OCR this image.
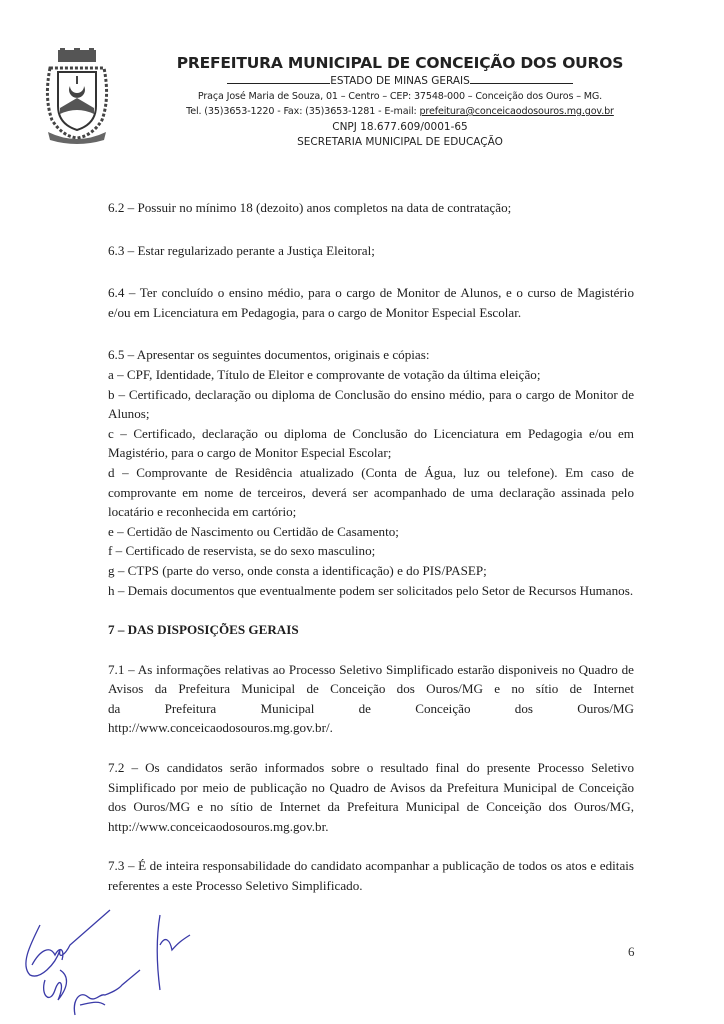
PREFEITURA MUNICIPAL DE CONCEIÇÃO DOS OUROS
ESTADO DE MINAS GERAIS
Praça José Maria de Souza, 01 – Centro – CEP: 37548-000 – Conceição dos Ouros – MG.
Tel. (35)3653-1220 - Fax: (35)3653-1281 - E-mail: prefeitura@conceicaodosouros.mg.gov.br
CNPJ 18.677.609/0001-65
SECRETARIA MUNICIPAL DE EDUCAÇÃO

6.2 – Possuir no mínimo 18 (dezoito) anos completos na data de contratação;

6.3 – Estar regularizado perante a Justiça Eleitoral;

6.4 – Ter concluído o ensino médio, para o cargo de Monitor de Alunos, e o curso de Magistério e/ou em Licenciatura em Pedagogia, para o cargo de Monitor Especial Escolar.

6.5 – Apresentar os seguintes documentos, originais e cópias:

a – CPF, Identidade, Título de Eleitor e comprovante de votação da última eleição;

b – Certificado, declaração ou diploma de Conclusão do ensino médio, para o cargo de Monitor de Alunos;

c – Certificado, declaração ou diploma de Conclusão do Licenciatura em Pedagogia e/ou em Magistério, para o cargo de Monitor Especial Escolar;

d – Comprovante de Residência atualizado (Conta de Água, luz ou telefone). Em caso de comprovante em nome de terceiros, deverá ser acompanhado de uma declaração assinada pelo locatário e reconhecida em cartório;

e – Certidão de Nascimento ou Certidão de Casamento;

f – Certificado de reservista, se do sexo masculino;

g – CTPS (parte do verso, onde consta a identificação) e do PIS/PASEP;

h – Demais documentos que eventualmente podem ser solicitados pelo Setor de Recursos Humanos.

7 – DAS DISPOSIÇÕES GERAIS

7.1 – As informações relativas ao Processo Seletivo Simplificado estarão disponiveis no Quadro de Avisos da Prefeitura Municipal de Conceição dos Ouros/MG e no sítio de Internet

da	Prefeitura	Municipal	de	Conceição	dos	Ouros/MG

http://www.conceicaodosouros.mg.gov.br/.

7.2 – Os candidatos serão informados sobre o resultado final do presente Processo Seletivo Simplificado por meio de publicação no Quadro de Avisos da Prefeitura Municipal de Conceição dos Ouros/MG e no sítio de Internet da Prefeitura Municipal de Conceição dos Ouros/MG, http://www.conceicaodosouros.mg.gov.br.

7.3 – É de inteira responsabilidade do candidato acompanhar a publicação de todos os atos e editais referentes a este Processo Seletivo Simplificado.

6
